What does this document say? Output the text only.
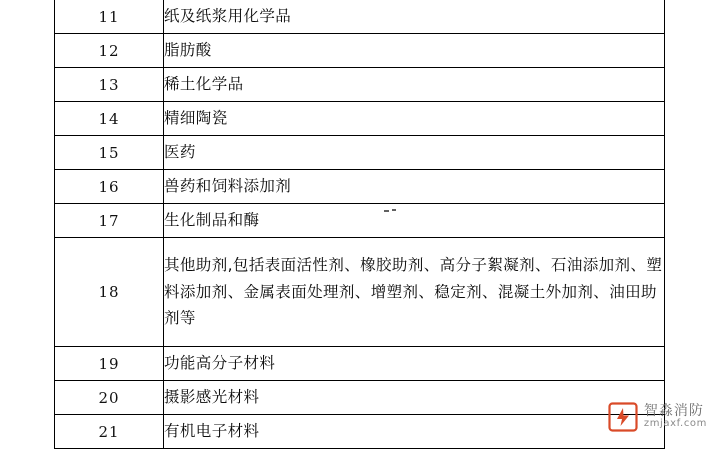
11	纸及纸浆用化学品
12	脂肪酸
13	稀土化学品
14	精细陶瓷
15	医药
16	兽药和饲料添加剂
17	生化制品和酶
18	其他助剂,包括表面活性剂、橡胶助剂、高分子絮凝剂、石油添加剂、塑料添加剂、金属表面处理剂、增塑剂、稳定剂、混凝土外加剂、油田助剂等
19	功能高分子材料
20	摄影感光材料
21	有机电子材料
智淼消防
zmjaxf.com
